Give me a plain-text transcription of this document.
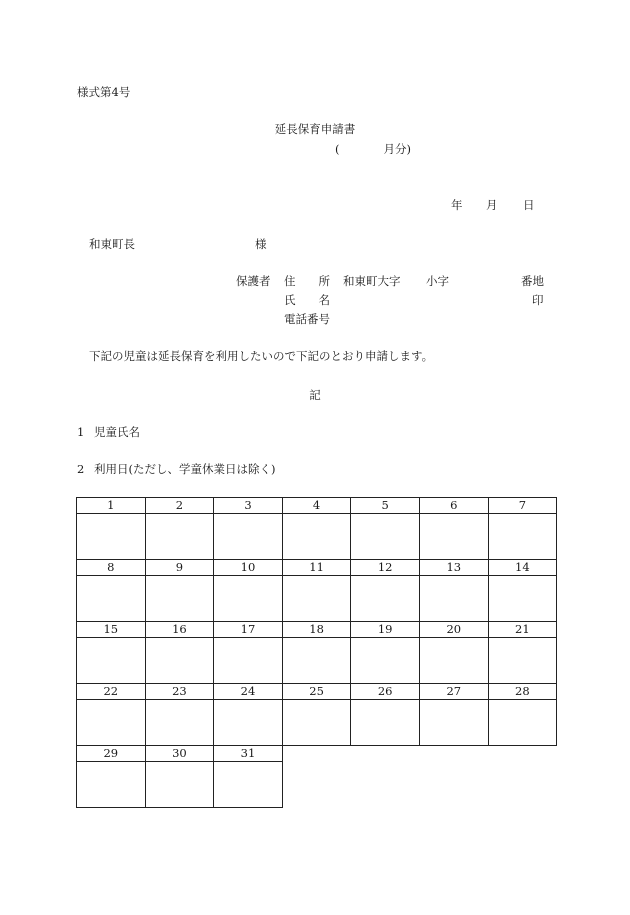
様式第4号
延長保育申請書
(	月分)
年 月 日
和東町長	様
保護者 住　　所 和東町大字 小字	番地
氏　　名	印
電話番号
下記の児童は延長保育を利用したいので下記のとおり申請します。
記
1 児童氏名
2 利用日(ただし、学童休業日は除く)
1	2	3	4	5	6	7

8	9	10	11	12	13	14

15	16	17	18	19	20	21

22	23	24	25	26	27	28

29	30	31				
